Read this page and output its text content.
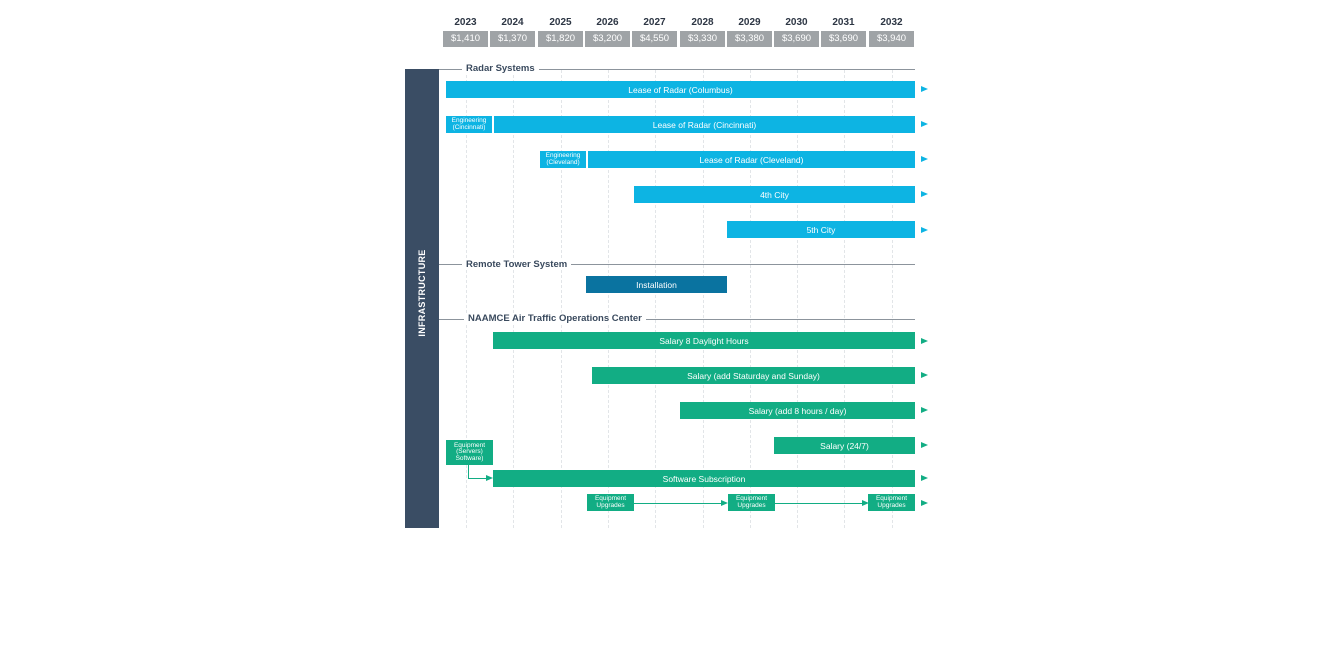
2023	2024	2025	2026	2027	2028	2029	2030	2031	2032
$1,410	$1,370	$1,820	$3,200	$4,550	$3,330	$3,380	$3,690	$3,690	$3,940
INFRASTRUCTURE
Radar Systems
Lease of Radar (Columbus)
Engineering (Cincinnati)	Lease of Radar (Cincinnati)
Engineering (Cleveland)	Lease of Radar (Cleveland)
4th City
5th City
Remote Tower System
Installation
NAAMCE Air Traffic Operations Center
Salary 8 Daylight Hours
Salary (add Staturday and Sunday)
Salary (add 8 hours / day)
Salary (24/7)
Equipment (Servers) Software)
Software Subscription
Equipment Upgrades
Equipment Upgrades
Equipment Upgrades
